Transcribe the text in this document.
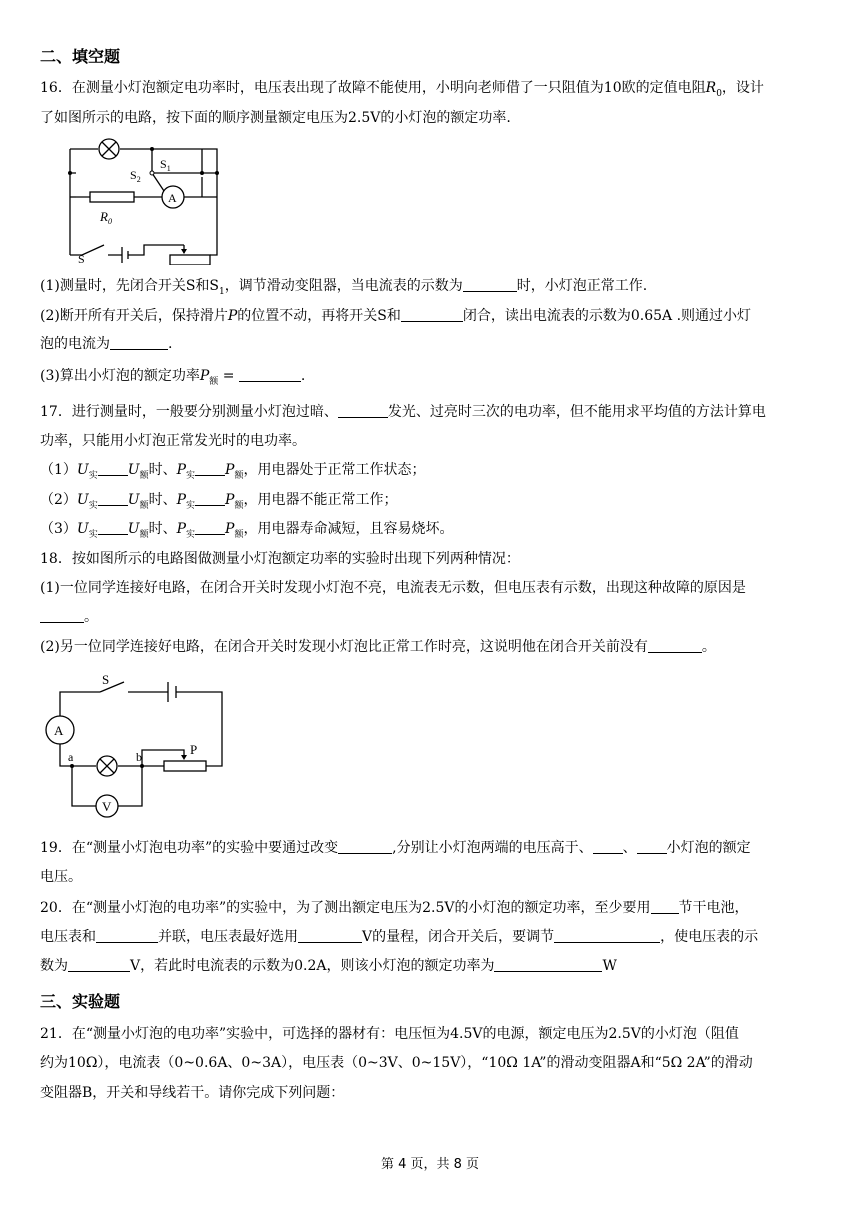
二、填空题
16．在测量小灯泡额定电功率时，电压表出现了故障不能使用，小明向老师借了一只阻值为10欧的定值电阻$R_0$，设计
了如图所示的电路，按下面的顺序测量额定电压为2.5V的小灯泡的额定功率.
$S_1$
$S_2$
A
$R_0$
S
(1)测量时，先闭合开关S和$S_1$，调节滑动变阻器，当电流表的示数为	时，小灯泡正常工作.
(2)断开所有开关后，保持滑片P的位置不动，再将开关S和	闭合，读出电流表的示数为0.65A .则通过小灯
泡的电流为	.
(3)算出小灯泡的额定功率$P_额$ =	.
17．进行测量时，一般要分别测量小灯泡过暗、	发光、过亮时三次的电功率，但不能用求平均值的方法计算电
功率，只能用小灯泡正常发光时的电功率。
$(1)U_实$ $U_额$时、$P_实$ $P_额$，用电器处于正常工作状态；
$(2)U_实$ $U_额$时、$P_实$ $P_额$，用电器不能正常工作；
$(3)U_实$ $U_额$时、$P_实$ $P_额$，用电器寿命减短，且容易烧坏。
18．按如图所示的电路图做测量小灯泡额定功率的实验时出现下列两种情况：
(1)一位同学连接好电路，在闭合开关时发现小灯泡不亮，电流表无示数，但电压表有示数，出现这种故障的原因是
。
(2)另一位同学连接好电路，在闭合开关时发现小灯泡比正常工作时亮，这说明他在闭合开关前没有	。
S
A
a	b	P
V
19．在“测量小灯泡电功率”的实验中要通过改变	,分别让小灯泡两端的电压高于、 、 小灯泡的额定
电压。
20．在“测量小灯泡的电功率”的实验中，为了测出额定电压为2.5V的小灯泡的额定功率，至少要用 节干电池，
电压表和	并联，电压表最好选用	V的量程，闭合开关后，要调节	，使电压表的示
数为	V，若此时电流表的示数为0.2A，则该小灯泡的额定功率为	W
三、实验题
21．在“测量小灯泡的电功率”实验中，可选择的器材有：电压恒为4.5V的电源，额定电压为2.5V的小灯泡（阻值
约为10Ω），电流表（0~0.6A、0~3A），电压表（0~3V、0~15V），“10Ω 1A”的滑动变阻器A和“5Ω 2A”的滑动
变阻器B，开关和导线若干。请你完成下列问题：
第 4 页，共 8 页
